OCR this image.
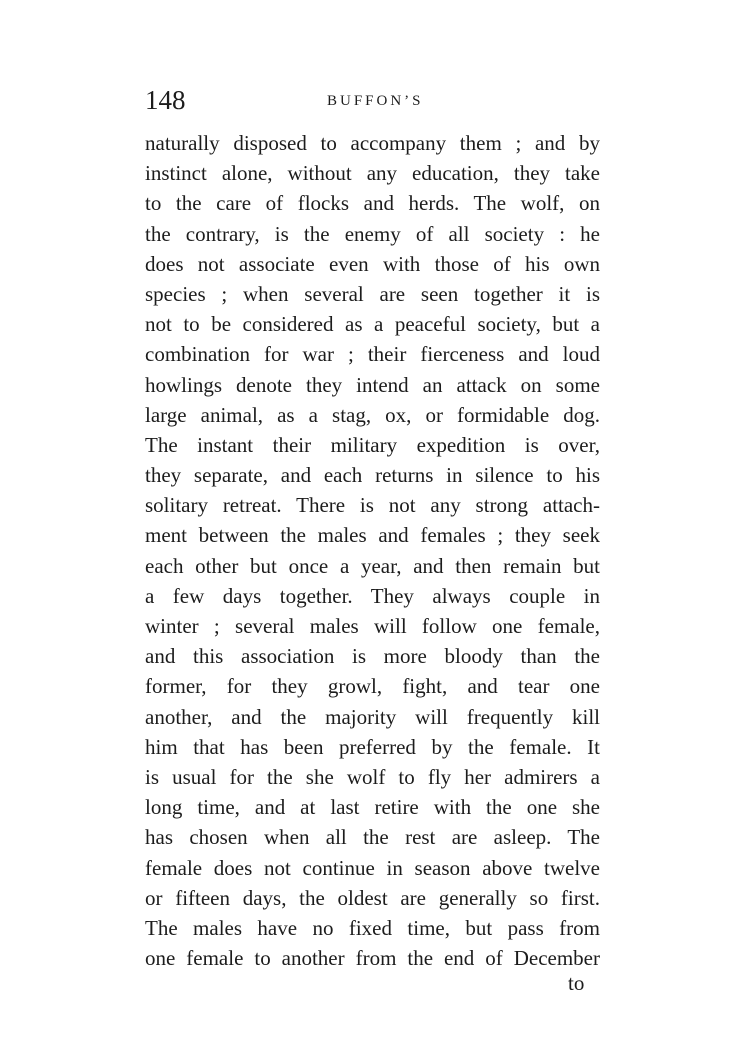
148	BUFFON’S
naturally disposed to accompany them ; and by
instinct alone, without any education, they take
to the care of flocks and herds. The wolf, on
the contrary, is the enemy of all society : he
does not associate even with those of his own
species ; when several are seen together it is
not to be considered as a peaceful society, but a
combination for war ; their fierceness and loud
howlings denote they intend an attack on some
large animal, as a stag, ox, or formidable dog.
The instant their military expedition is over,
they separate, and each returns in silence to his
solitary retreat. There is not any strong attach-
ment between the males and females ; they seek
each other but once a year, and then remain but
a few days together. They always couple in
winter ; several males will follow one female,
and this association is more bloody than the
former, for they growl, fight, and tear one
another, and the majority will frequently kill
him that has been preferred by the female. It
is usual for the she wolf to fly her admirers a
long time, and at last retire with the one she
has chosen when all the rest are asleep. The
female does not continue in season above twelve
or fifteen days, the oldest are generally so first.
The males have no fixed time, but pass from
one female to another from the end of December
to
